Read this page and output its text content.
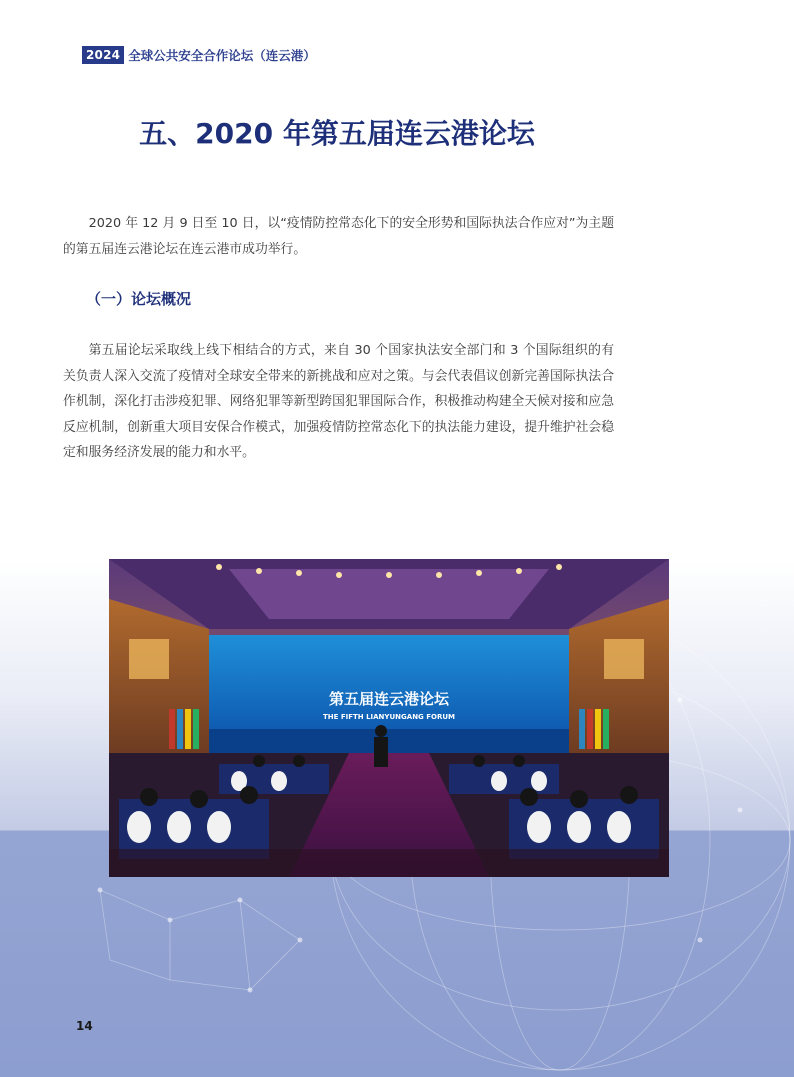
2024 全球公共安全合作论坛（连云港）
五、2020 年第五届连云港论坛

2020 年 12 月 9 日至 10 日，以“疫情防控常态化下的安全形势和国际执法合作应对”为主题的第五届连云港论坛在连云港市成功举行。

（一）论坛概况

第五届论坛采取线上线下相结合的方式，来自 30 个国家执法安全部门和 3 个国际组织的有关负责人深入交流了疫情对全球安全带来的新挑战和应对之策。与会代表倡议创新完善国际执法合作机制，深化打击涉疫犯罪、网络犯罪等新型跨国犯罪国际合作，积极推动构建全天候对接和应急反应机制，创新重大项目安保合作模式，加强疫情防控常态化下的执法能力建设，提升维护社会稳定和服务经济发展的能力和水平。

第五届连云港论坛
THE FIFTH LIANYUNGANG FORUM
14
